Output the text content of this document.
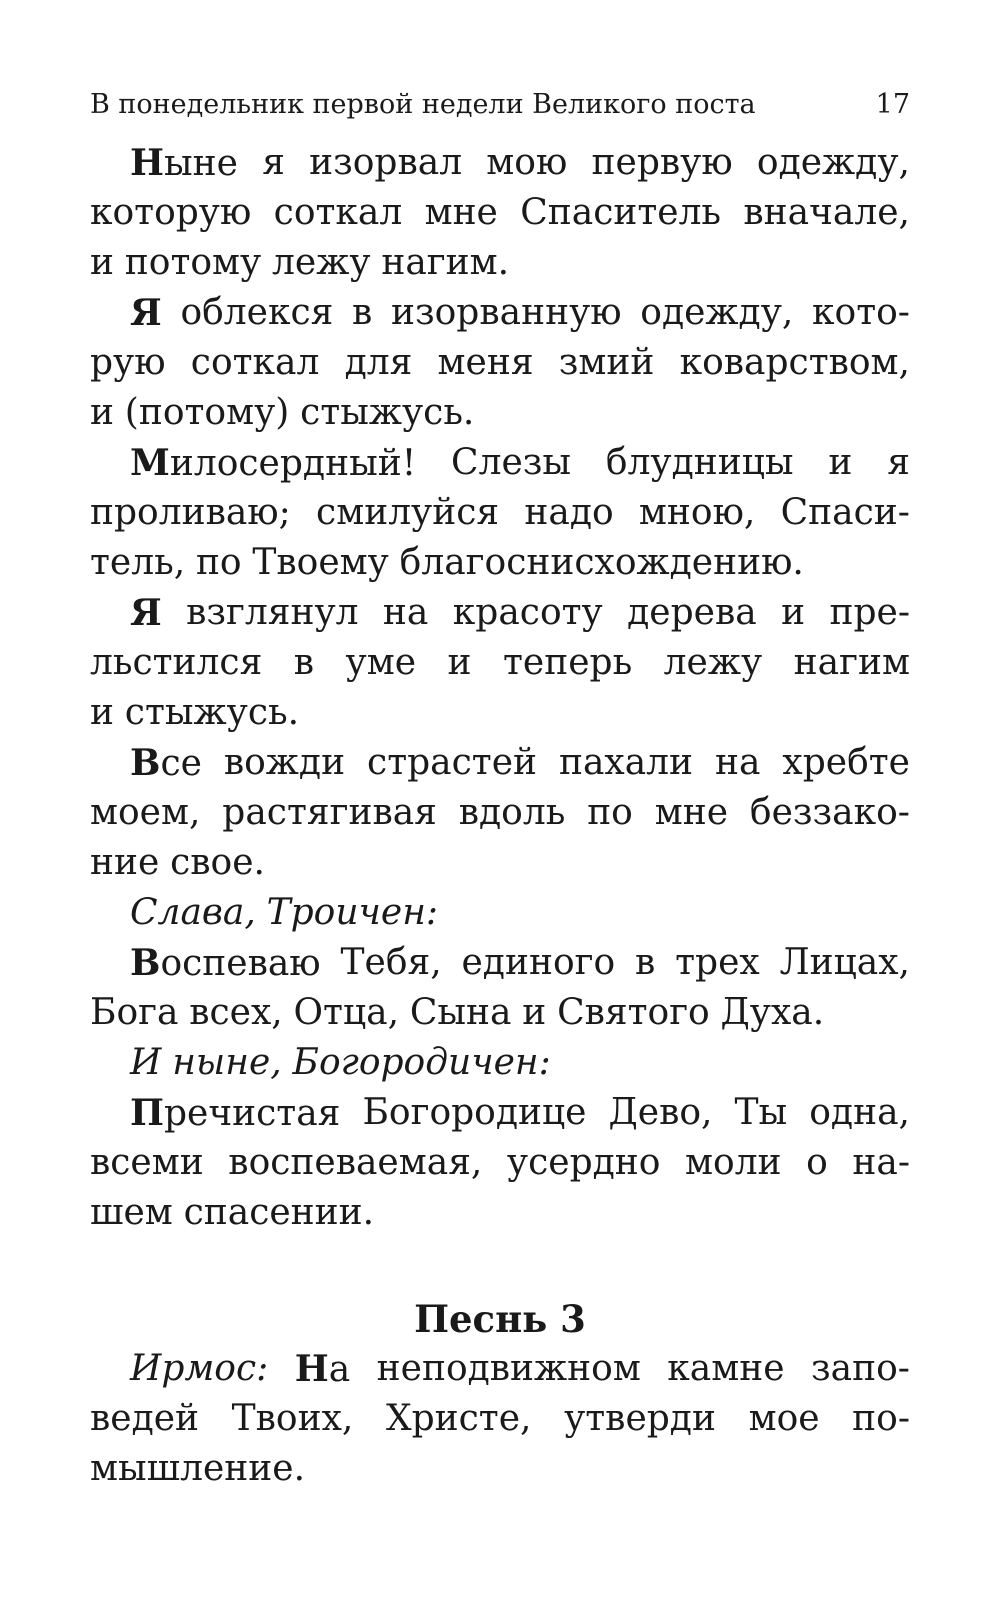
В понедельник первой недели Великого поста	17
Ныне я изорвал мою первую одежду,
которую соткал мне Спаситель вначале,
и потому лежу нагим.
Я облекся в изорванную одежду, кото-
рую соткал для меня змий коварством,
и (потому) стыжусь.
Милосердный! Слезы блудницы и я
проливаю; смилуйся надо мною, Спаси-
тель, по Твоему благоснисхождению.
Я взглянул на красоту дерева и пре-
льстился в уме и теперь лежу нагим
и стыжусь.
Все вожди страстей пахали на хребте
моем, растягивая вдоль по мне беззако-
ние свое.
Слава, Троичен:
Воспеваю Тебя, единого в трех Лицах,
Бога всех, Отца, Сына и Святого Духа.
И ныне, Богородичен:
Пречистая Богородице Дево, Ты одна,
всеми воспеваемая, усердно моли о на-
шем спасении.
Песнь 3
Ирмос: На неподвижном камне запо-
ведей Твоих, Христе, утверди мое по-
мышление.
